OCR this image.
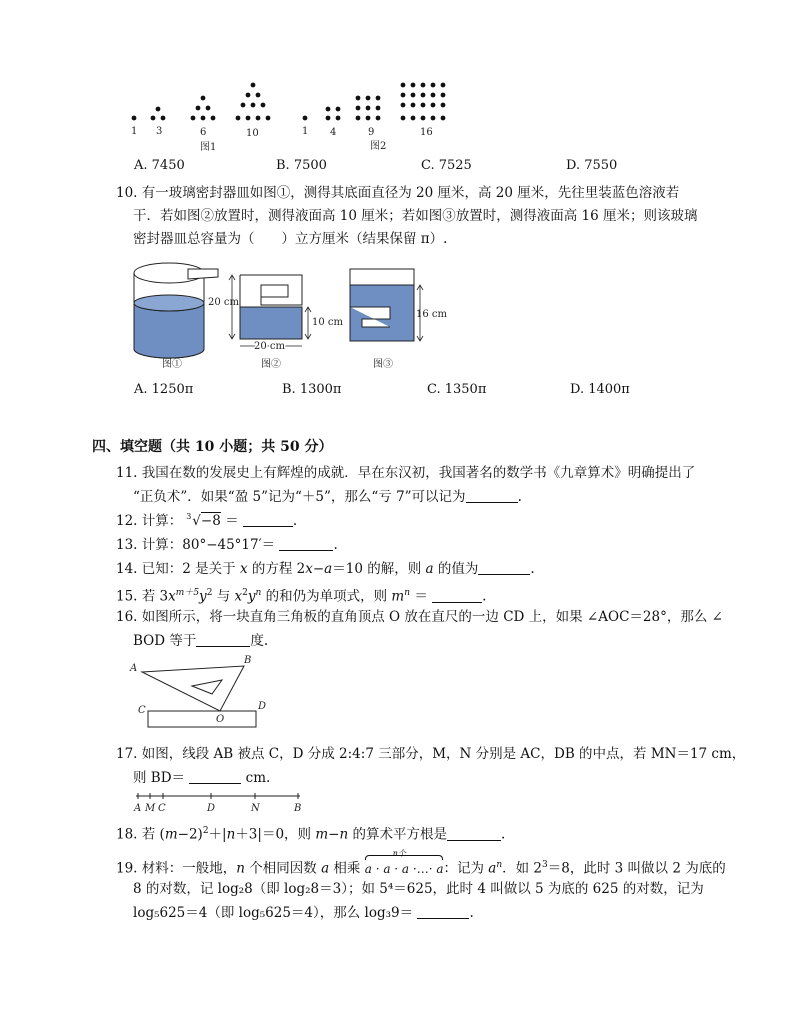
1 3	6	10
图1
1 4	9	16
图2
A. 7450	B. 7500	C. 7525	D. 7550
10. 有一玻璃密封器皿如图①，测得其底面直径为 20 厘米，高 20 厘米，先往里装蓝色溶液若
干．若如图②放置时，测得液面高 10 厘米；若如图③放置时，测得液面高 16 厘米；则该玻璃
密封器皿总容量为（　　）立方厘米（结果保留 π）.
图①
20 cm
10 cm
20 cm
图②
16 cm
图③
A. 1250π	B. 1300π	C. 1350π	D. 1400π
四、填空题（共 10 小题；共 50 分）
11. 我国在数的发展史上有辉煌的成就．早在东汉初，我国著名的数学书《九章算术》明确提出了
“正负术”．如果“盈 5”记为“＋5”，那么“亏 7”可以记为	.
12. 计算： 3 √−8 ＝	.
13. 计算：80°−45°17′＝	.
14. 已知：2 是关于 x 的方程 2x−a＝10 的解，则 a 的值为	.
15. 若 $3x^{m+5}y^2$ 与 $x^2y^n$ 的和仍为单项式，则 $m^n$ ＝	.
16. 如图所示，将一块直角三角板的直角顶点 O 放在直尺的一边 CD 上，如果 ∠AOC＝28°，那么 ∠
BOD 等于	度.
A
B
C	D
O
17. 如图，线段 AB 被点 C，D 分成 2:4:7 三部分，M，N 分别是 AC，DB 的中点，若 MN＝17 cm，
则 BD＝	cm.
A M C	D	N	B
18. 若 $(m-2)^2+|n+3|=0$，则 m−n 的算术平方根是	.
19. 材料：一般地，n 个相同因数 a 相乘
n个
a · a · a ·…· a：记为 $a^n$．如 $2^3=8$，此时 3 叫做以 2 为底的
8 的对数，记 log₂8（即 log₂8＝3）；如 5⁴＝625，此时 4 叫做以 5 为底的 625 的对数，记为
log₅625＝4（即 log₅625＝4），那么 log₃9＝	.
